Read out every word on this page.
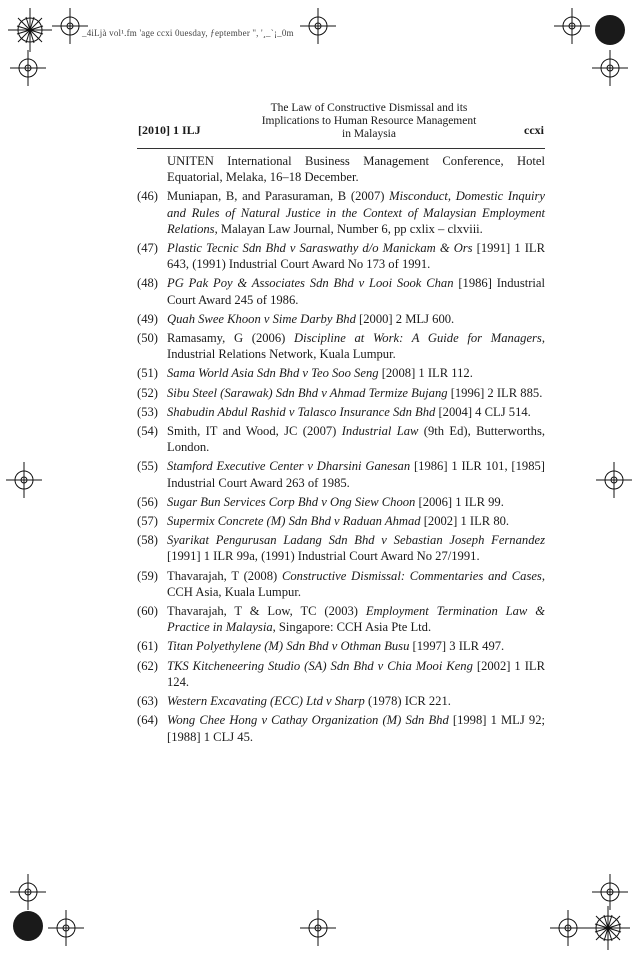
_4iLjà vol¹.fm 'age ccxi 0uesday, ƒeptember '', '¸_`¡_0m
[2010] 1 ILJ
The Law of Constructive Dismissal and its
Implications to Human Resource Management
in Malaysia	ccxi
UNITEN International Business Management Conference, Hotel Equatorial, Melaka, 16–18 December.
(46) Muniapan, B, and Parasuraman, B (2007) Misconduct, Domestic Inquiry and Rules of Natural Justice in the Context of Malaysian Employment Relations, Malayan Law Journal, Number 6, pp cxlix – clxviii.
(47) Plastic Tecnic Sdn Bhd v Saraswathy d/o Manickam & Ors [1991] 1 ILR 643, (1991) Industrial Court Award No 173 of 1991.
(48) PG Pak Poy & Associates Sdn Bhd v Looi Sook Chan [1986] Industrial Court Award 245 of 1986.
(49) Quah Swee Khoon v Sime Darby Bhd [2000] 2 MLJ 600.
(50) Ramasamy, G (2006) Discipline at Work: A Guide for Managers, Industrial Relations Network, Kuala Lumpur.
(51) Sama World Asia Sdn Bhd v Teo Soo Seng [2008] 1 ILR 112.
(52) Sibu Steel (Sarawak) Sdn Bhd v Ahmad Termize Bujang [1996] 2 ILR 885.
(53) Shabudin Abdul Rashid v Talasco Insurance Sdn Bhd [2004] 4 CLJ 514.
(54) Smith, IT and Wood, JC (2007) Industrial Law (9th Ed), Butterworths, London.
(55) Stamford Executive Center v Dharsini Ganesan [1986] 1 ILR 101, [1985] Industrial Court Award 263 of 1985.
(56) Sugar Bun Services Corp Bhd v Ong Siew Choon [2006] 1 ILR 99.
(57) Supermix Concrete (M) Sdn Bhd v Raduan Ahmad [2002] 1 ILR 80.
(58) Syarikat Pengurusan Ladang Sdn Bhd v Sebastian Joseph Fernandez [1991] 1 ILR 99a, (1991) Industrial Court Award No 27/1991.
(59) Thavarajah, T (2008) Constructive Dismissal: Commentaries and Cases, CCH Asia, Kuala Lumpur.
(60) Thavarajah, T & Low, TC (2003) Employment Termination Law & Practice in Malaysia, Singapore: CCH Asia Pte Ltd.
(61) Titan Polyethylene (M) Sdn Bhd v Othman Busu [1997] 3 ILR 497.
(62) TKS Kitcheneering Studio (SA) Sdn Bhd v Chia Mooi Keng [2002] 1 ILR 124.
(63) Western Excavating (ECC) Ltd v Sharp (1978) ICR 221.
(64) Wong Chee Hong v Cathay Organization (M) Sdn Bhd [1998] 1 MLJ 92; [1988] 1 CLJ 45.
